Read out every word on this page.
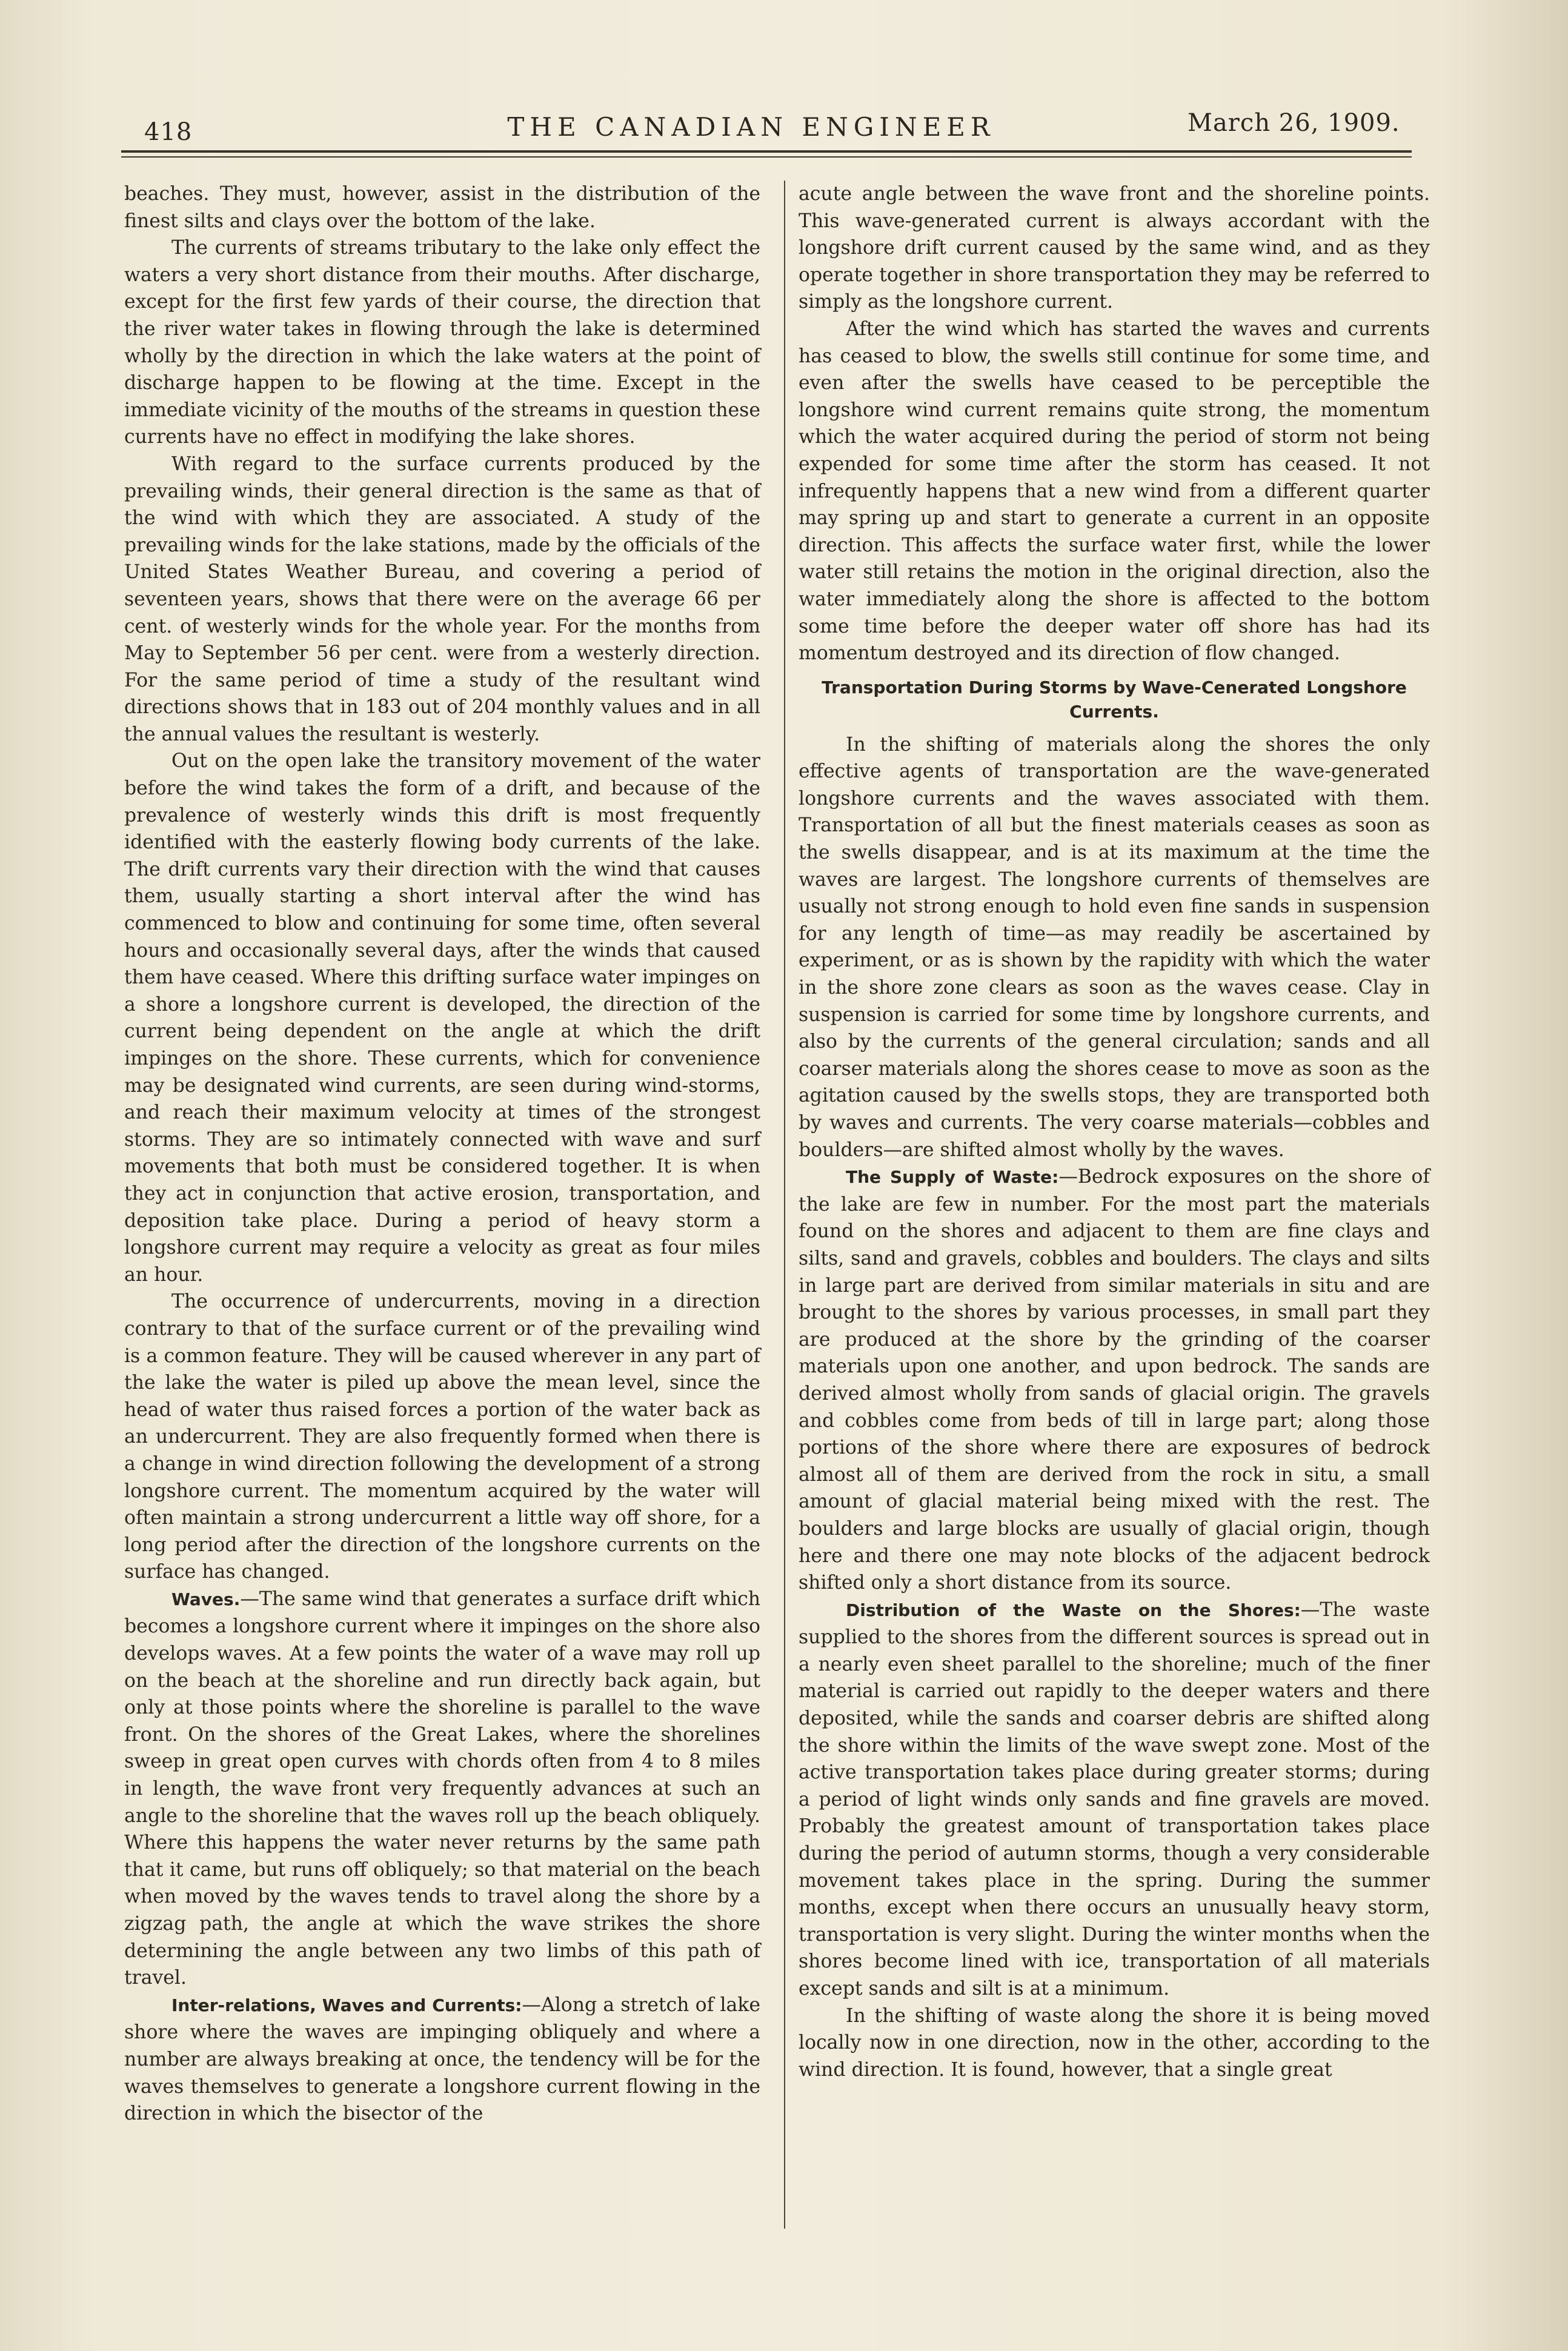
418	THE CANADIAN ENGINEER	March 26, 1909.

beaches. They must, however, assist in the distribution of the finest silts and clays over the bottom of the lake.

The currents of streams tributary to the lake only effect the waters a very short distance from their mouths. After discharge, except for the first few yards of their course, the direction that the river water takes in flowing through the lake is determined wholly by the direction in which the lake waters at the point of discharge happen to be flowing at the time. Except in the immediate vicinity of the mouths of the streams in question these currents have no effect in modifying the lake shores.

With regard to the surface currents produced by the prevailing winds, their general direction is the same as that of the wind with which they are associated. A study of the prevailing winds for the lake stations, made by the officials of the United States Weather Bureau, and covering a period of seventeen years, shows that there were on the average 66 per cent. of westerly winds for the whole year. For the months from May to September 56 per cent. were from a westerly direction. For the same period of time a study of the resultant wind directions shows that in 183 out of 204 monthly values and in all the annual values the resultant is westerly.

Out on the open lake the transitory movement of the water before the wind takes the form of a drift, and because of the prevalence of westerly winds this drift is most frequently identified with the easterly flowing body currents of the lake. The drift currents vary their direction with the wind that causes them, usually starting a short interval after the wind has commenced to blow and continuing for some time, often several hours and occasionally several days, after the winds that caused them have ceased. Where this drifting surface water impinges on a shore a longshore current is developed, the direction of the current being dependent on the angle at which the drift impinges on the shore. These currents, which for convenience may be designated wind currents, are seen during wind-storms, and reach their maximum velocity at times of the strongest storms. They are so intimately connected with wave and surf movements that both must be considered together. It is when they act in conjunction that active erosion, transportation, and deposition take place. During a period of heavy storm a longshore current may require a velocity as great as four miles an hour.

The occurrence of undercurrents, moving in a direction contrary to that of the surface current or of the prevailing wind is a common feature. They will be caused wherever in any part of the lake the water is piled up above the mean level, since the head of water thus raised forces a portion of the water back as an undercurrent. They are also frequently formed when there is a change in wind direction following the development of a strong longshore current. The momentum acquired by the water will often maintain a strong undercurrent a little way off shore, for a long period after the direction of the longshore currents on the surface has changed.

Waves.—The same wind that generates a surface drift which becomes a longshore current where it impinges on the shore also develops waves. At a few points the water of a wave may roll up on the beach at the shoreline and run directly back again, but only at those points where the shoreline is parallel to the wave front. On the shores of the Great Lakes, where the shorelines sweep in great open curves with chords often from 4 to 8 miles in length, the wave front very frequently advances at such an angle to the shoreline that the waves roll up the beach obliquely. Where this happens the water never returns by the same path that it came, but runs off obliquely; so that material on the beach when moved by the waves tends to travel along the shore by a zigzag path, the angle at which the wave strikes the shore determining the angle between any two limbs of this path of travel.

Inter-relations, Waves and Currents:—Along a stretch of lake shore where the waves are impinging obliquely and where a number are always breaking at once, the tendency will be for the waves themselves to generate a longshore current flowing in the direction in which the bisector of the

acute angle between the wave front and the shoreline points. This wave-generated current is always accordant with the longshore drift current caused by the same wind, and as they operate together in shore transportation they may be referred to simply as the longshore current.

After the wind which has started the waves and currents has ceased to blow, the swells still continue for some time, and even after the swells have ceased to be perceptible the longshore wind current remains quite strong, the momentum which the water acquired during the period of storm not being expended for some time after the storm has ceased. It not infrequently happens that a new wind from a different quarter may spring up and start to generate a current in an opposite direction. This affects the surface water first, while the lower water still retains the motion in the original direction, also the water immediately along the shore is affected to the bottom some time before the deeper water off shore has had its momentum destroyed and its direction of flow changed.

Transportation During Storms by Wave-Cenerated Longshore Currents.

In the shifting of materials along the shores the only effective agents of transportation are the wave-generated longshore currents and the waves associated with them. Transportation of all but the finest materials ceases as soon as the swells disappear, and is at its maximum at the time the waves are largest. The longshore currents of themselves are usually not strong enough to hold even fine sands in suspension for any length of time—as may readily be ascertained by experiment, or as is shown by the rapidity with which the water in the shore zone clears as soon as the waves cease. Clay in suspension is carried for some time by longshore currents, and also by the currents of the general circulation; sands and all coarser materials along the shores cease to move as soon as the agitation caused by the swells stops, they are transported both by waves and currents. The very coarse materials—cobbles and boulders—are shifted almost wholly by the waves.

The Supply of Waste:—Bedrock exposures on the shore of the lake are few in number. For the most part the materials found on the shores and adjacent to them are fine clays and silts, sand and gravels, cobbles and boulders. The clays and silts in large part are derived from similar materials in situ and are brought to the shores by various processes, in small part they are produced at the shore by the grinding of the coarser materials upon one another, and upon bedrock. The sands are derived almost wholly from sands of glacial origin. The gravels and cobbles come from beds of till in large part; along those portions of the shore where there are exposures of bedrock almost all of them are derived from the rock in situ, a small amount of glacial material being mixed with the rest. The boulders and large blocks are usually of glacial origin, though here and there one may note blocks of the adjacent bedrock shifted only a short distance from its source.

Distribution of the Waste on the Shores:—The waste supplied to the shores from the different sources is spread out in a nearly even sheet parallel to the shoreline; much of the finer material is carried out rapidly to the deeper waters and there deposited, while the sands and coarser debris are shifted along the shore within the limits of the wave swept zone. Most of the active transportation takes place during greater storms; during a period of light winds only sands and fine gravels are moved. Probably the greatest amount of transportation takes place during the period of autumn storms, though a very considerable movement takes place in the spring. During the summer months, except when there occurs an unusually heavy storm, transportation is very slight. During the winter months when the shores become lined with ice, transportation of all materials except sands and silt is at a minimum.

In the shifting of waste along the shore it is being moved locally now in one direction, now in the other, according to the wind direction. It is found, however, that a single great
